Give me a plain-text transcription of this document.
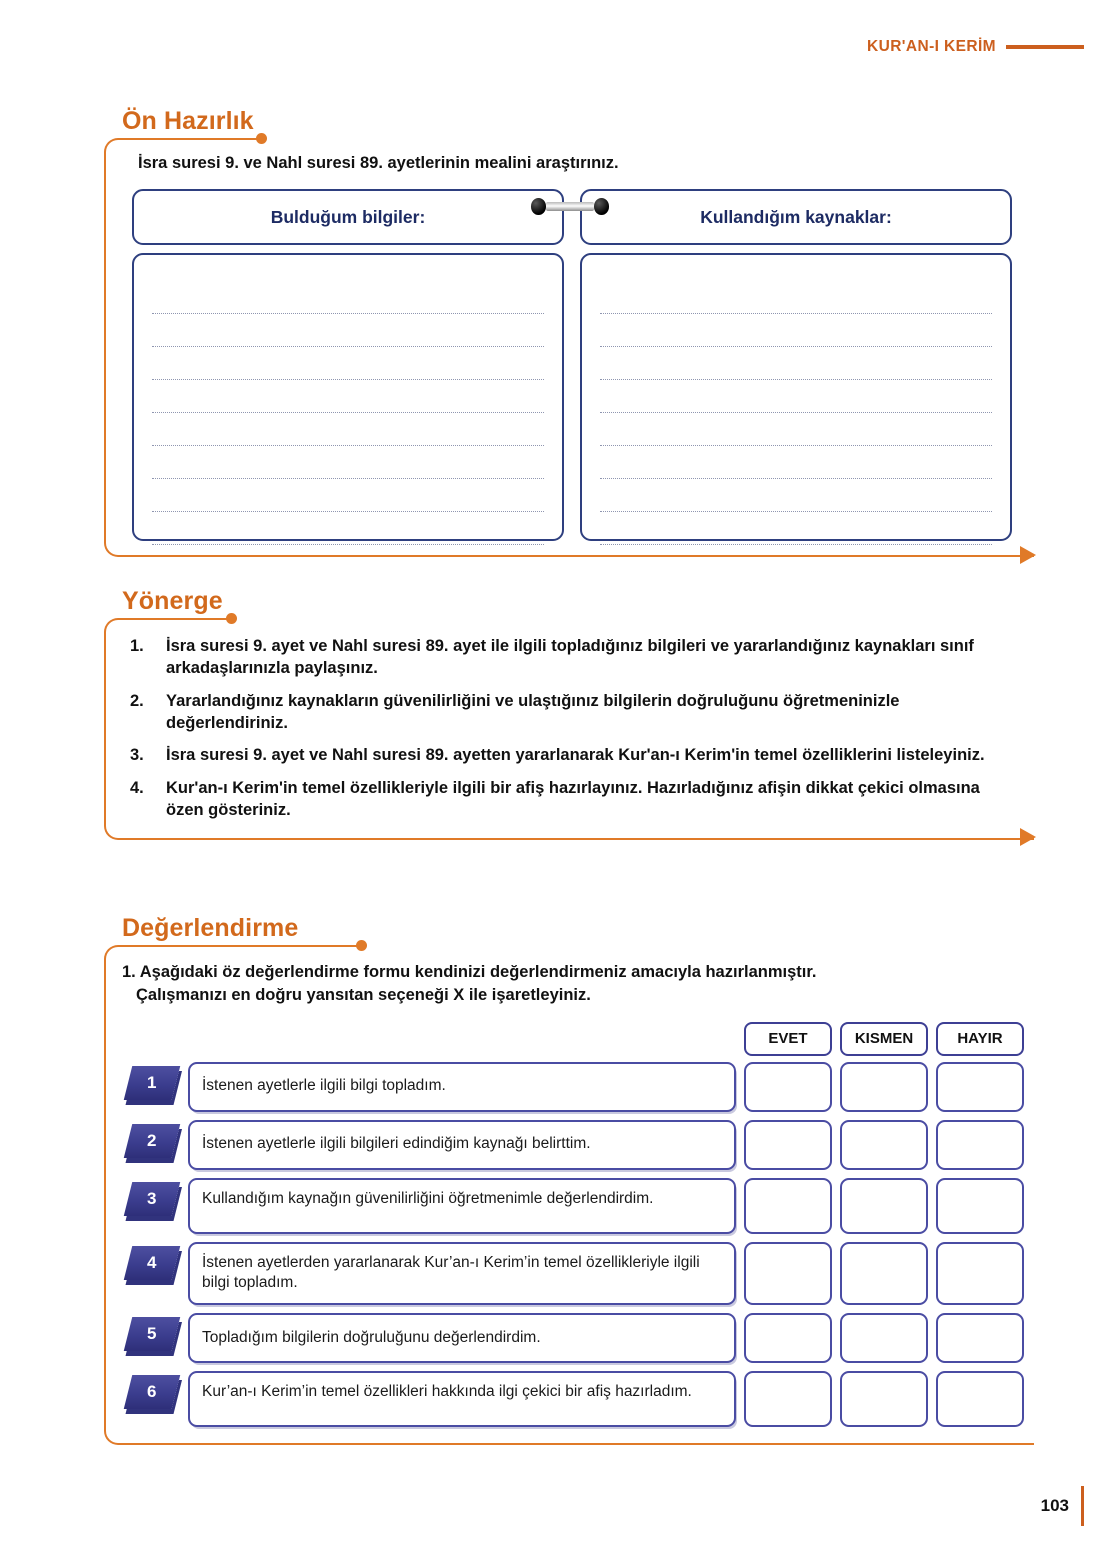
KUR'AN-I KERİM
Ön Hazırlık
İsra suresi 9. ve Nahl suresi 89. ayetlerinin mealini araştırınız.
Bulduğum bilgiler:	Kullandığım kaynaklar:
Yönerge
1.	İsra suresi 9. ayet ve Nahl suresi 89. ayet ile ilgili topladığınız bilgileri ve yararlandığınız kaynakları sınıf arkadaşlarınızla paylaşınız.
2.	Yararlandığınız kaynakların güvenilirliğini ve ulaştığınız bilgilerin doğruluğunu öğretmeninizle değerlendiriniz.
3.	İsra suresi 9. ayet ve Nahl suresi 89. ayetten yararlanarak Kur'an-ı Kerim'in temel özelliklerini listeleyiniz.
4.	Kur'an-ı Kerim'in temel özellikleriyle ilgili bir afiş hazırlayınız. Hazırladığınız afişin dikkat çekici olmasına özen gösteriniz.
Değerlendirme
1. Aşağıdaki öz değerlendirme formu kendinizi değerlendirmeniz amacıyla hazırlanmıştır.
Çalışmanızı en doğru yansıtan seçeneği X ile işaretleyiniz.
EVET	KISMEN	HAYIR
1	İstenen ayetlerle ilgili bilgi topladım.
2	İstenen ayetlerle ilgili bilgileri edindiğim kaynağı belirttim.
3	Kullandığım kaynağın güvenilirliğini öğretmenimle değerlendirdim.
4	İstenen ayetlerden yararlanarak Kur’an-ı Kerim’in temel özellikleriyle ilgili bilgi topladım.
5	Topladığım bilgilerin doğruluğunu değerlendirdim.
6	Kur’an-ı Kerim’in temel özellikleri hakkında ilgi çekici bir afiş hazırladım.
103
